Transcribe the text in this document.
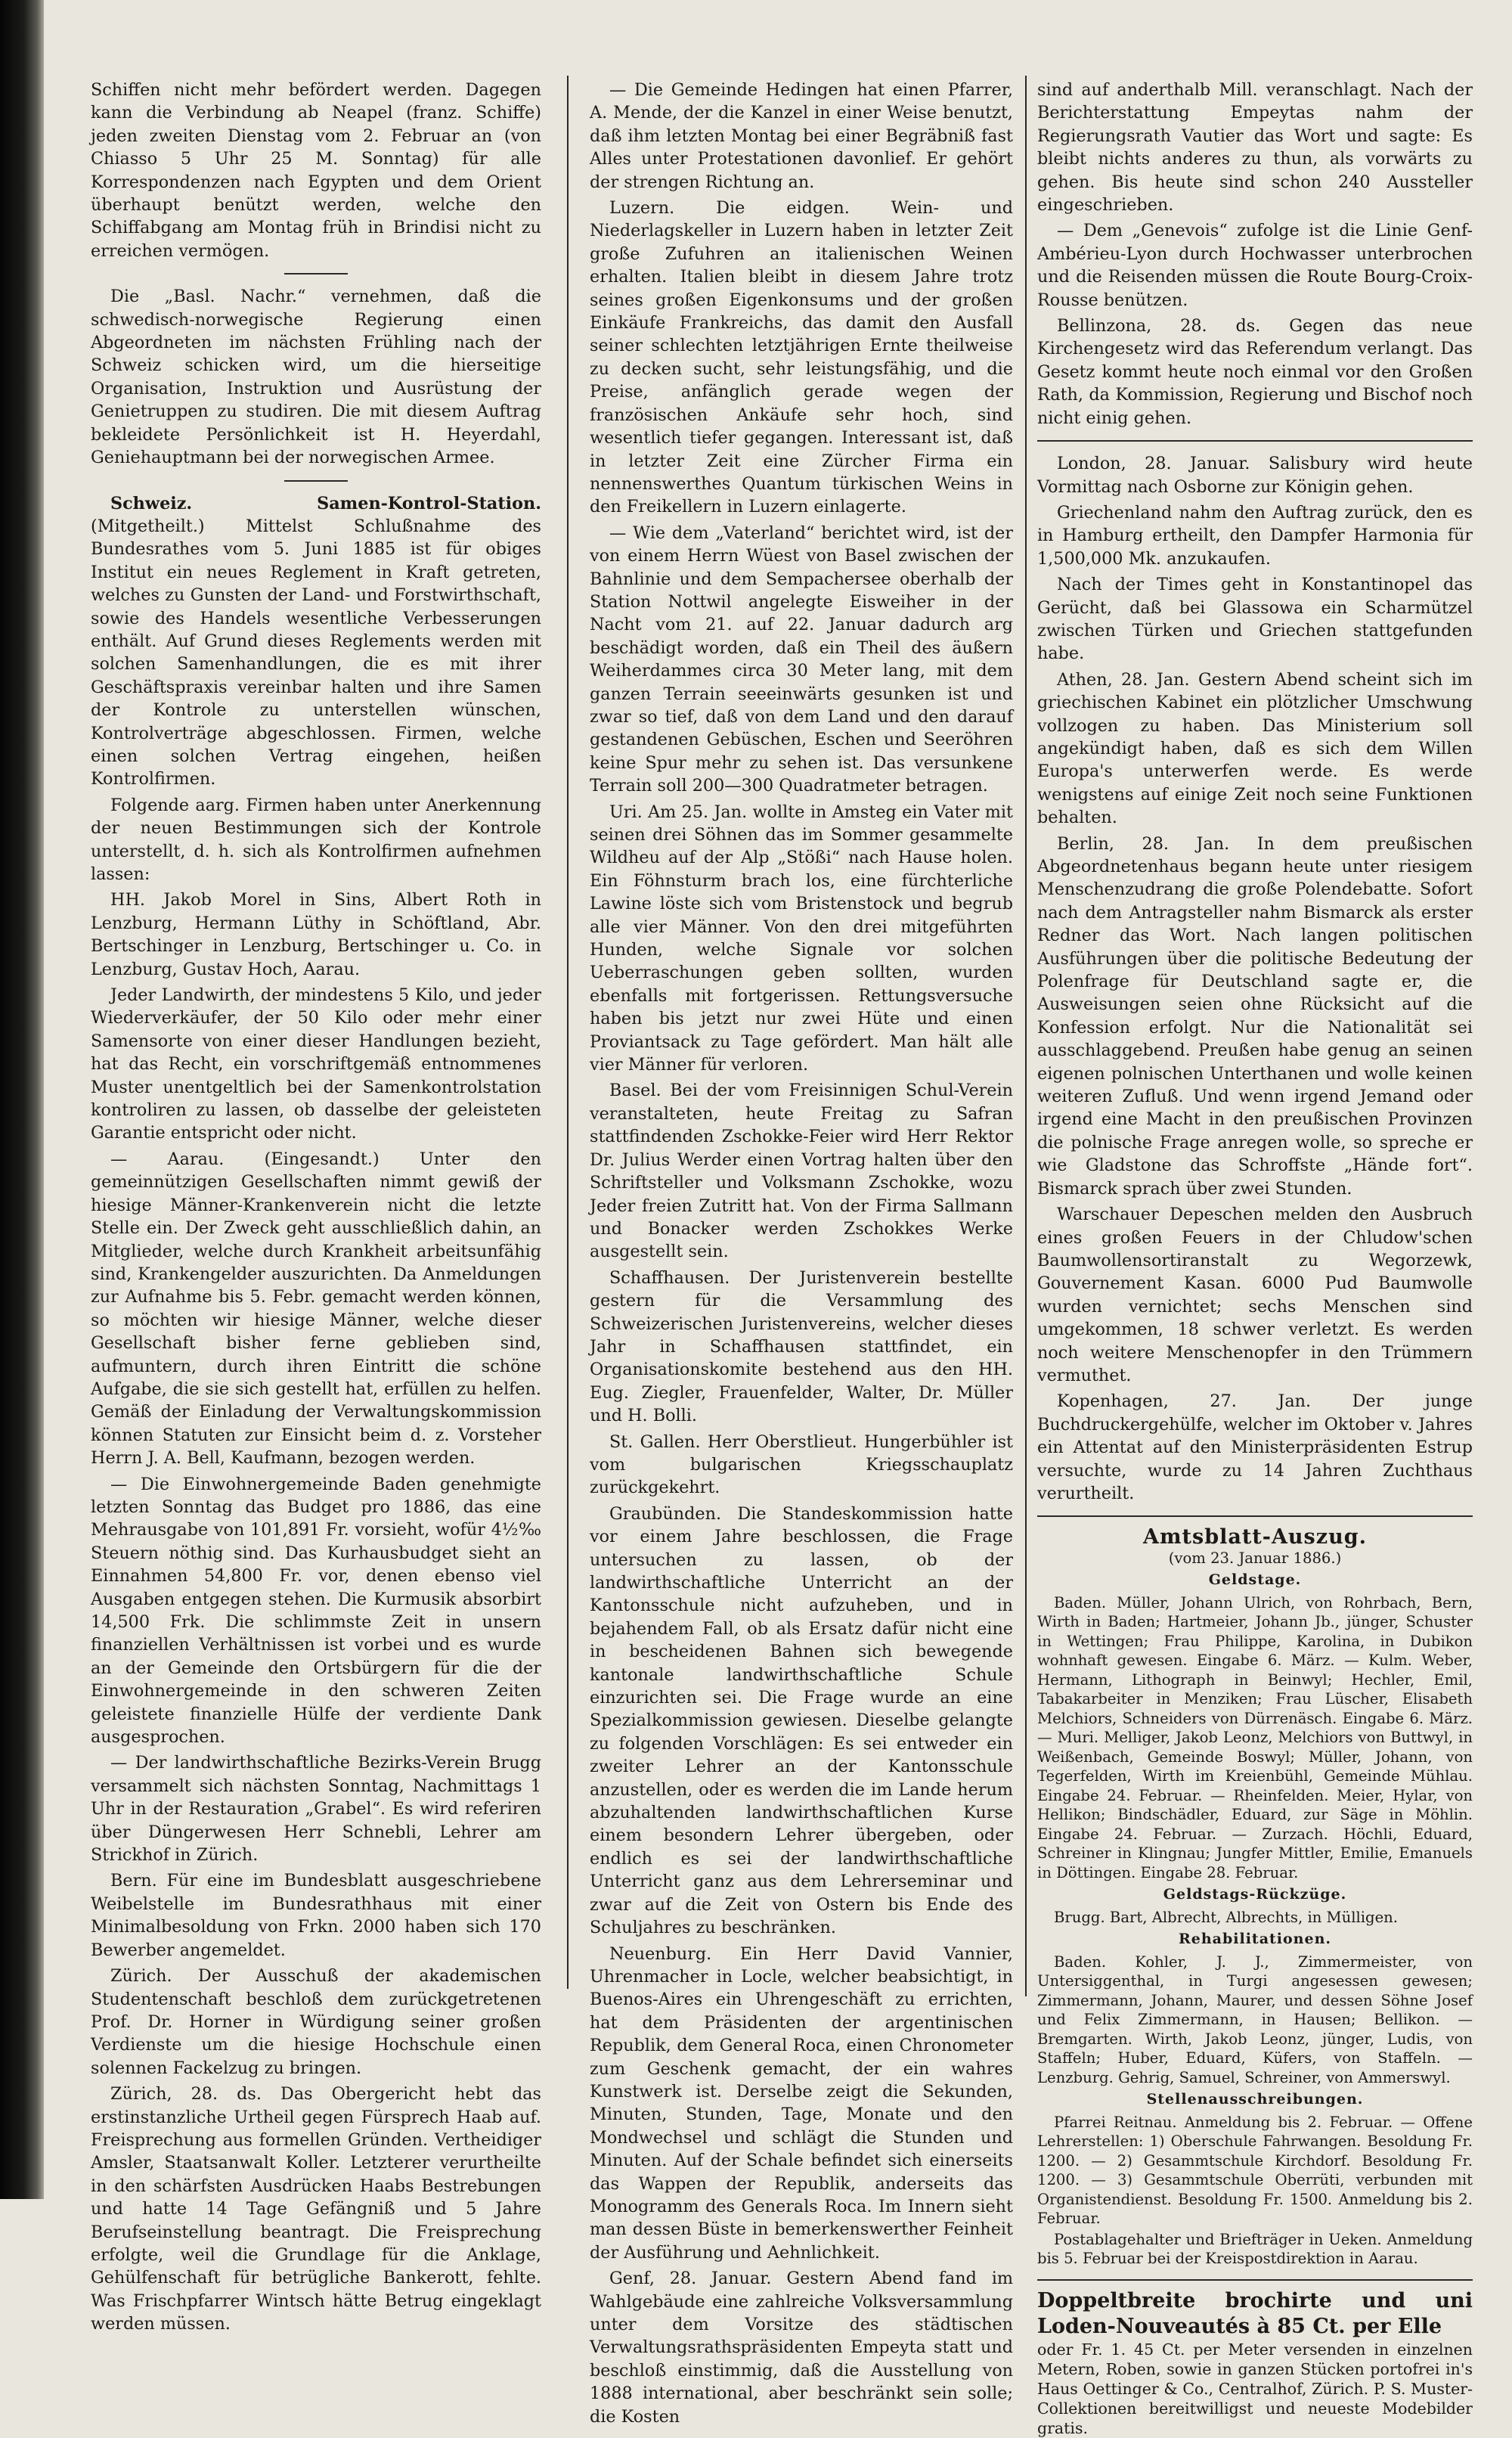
Schiffen nicht mehr befördert werden. Dagegen kann die Verbindung ab Neapel (franz. Schiffe) jeden zweiten Dienstag vom 2. Februar an (von Chiasso 5 Uhr 25 M. Sonntag) für alle Korrespondenzen nach Egypten und dem Orient überhaupt benützt werden, welche den Schiffabgang am Montag früh in Brindisi nicht zu erreichen vermögen.

Die „Basl. Nachr.“ vernehmen, daß die schwedisch-norwegische Regierung einen Abgeordneten im nächsten Frühling nach der Schweiz schicken wird, um die hierseitige Organisation, Instruktion und Ausrüstung der Genietruppen zu studiren. Die mit diesem Auftrag bekleidete Persönlichkeit ist H. Heyerdahl, Geniehauptmann bei der norwegischen Armee.

Schweiz. Samen-Kontrol-Station. (Mitgetheilt.) Mittelst Schlußnahme des Bundesrathes vom 5. Juni 1885 ist für obiges Institut ein neues Reglement in Kraft getreten, welches zu Gunsten der Land- und Forstwirthschaft, sowie des Handels wesentliche Verbesserungen enthält. Auf Grund dieses Reglements werden mit solchen Samenhandlungen, die es mit ihrer Geschäftspraxis vereinbar halten und ihre Samen der Kontrole zu unterstellen wünschen, Kontrolverträge abgeschlossen. Firmen, welche einen solchen Vertrag eingehen, heißen Kontrolfirmen.

Folgende aarg. Firmen haben unter Anerkennung der neuen Bestimmungen sich der Kontrole unterstellt, d. h. sich als Kontrolfirmen aufnehmen lassen:

HH. Jakob Morel in Sins, Albert Roth in Lenzburg, Hermann Lüthy in Schöftland, Abr. Bertschinger in Lenzburg, Bertschinger u. Co. in Lenzburg, Gustav Hoch, Aarau.

Jeder Landwirth, der mindestens 5 Kilo, und jeder Wiederverkäufer, der 50 Kilo oder mehr einer Samensorte von einer dieser Handlungen bezieht, hat das Recht, ein vorschriftgemäß entnommenes Muster unentgeltlich bei der Samenkontrolstation kontroliren zu lassen, ob dasselbe der geleisteten Garantie entspricht oder nicht.

— Aarau. (Eingesandt.) Unter den gemeinnützigen Gesellschaften nimmt gewiß der hiesige Männer-Krankenverein nicht die letzte Stelle ein. Der Zweck geht ausschließlich dahin, an Mitglieder, welche durch Krankheit arbeitsunfähig sind, Krankengelder auszurichten. Da Anmeldungen zur Aufnahme bis 5. Febr. gemacht werden können, so möchten wir hiesige Männer, welche dieser Gesellschaft bisher ferne geblieben sind, aufmuntern, durch ihren Eintritt die schöne Aufgabe, die sie sich gestellt hat, erfüllen zu helfen. Gemäß der Einladung der Verwaltungskommission können Statuten zur Einsicht beim d. z. Vorsteher Herrn J. A. Bell, Kaufmann, bezogen werden.

— Die Einwohnergemeinde Baden genehmigte letzten Sonntag das Budget pro 1886, das eine Mehrausgabe von 101,891 Fr. vorsieht, wofür 4½‰ Steuern nöthig sind. Das Kurhausbudget sieht an Einnahmen 54,800 Fr. vor, denen ebenso viel Ausgaben entgegen stehen. Die Kurmusik absorbirt 14,500 Frk. Die schlimmste Zeit in unsern finanziellen Verhältnissen ist vorbei und es wurde an der Gemeinde den Ortsbürgern für die der Einwohnergemeinde in den schweren Zeiten geleistete finanzielle Hülfe der verdiente Dank ausgesprochen.

— Der landwirthschaftliche Bezirks-Verein Brugg versammelt sich nächsten Sonntag, Nachmittags 1 Uhr in der Restauration „Grabel“. Es wird referiren über Düngerwesen Herr Schnebli, Lehrer am Strickhof in Zürich.

Bern. Für eine im Bundesblatt ausgeschriebene Weibelstelle im Bundesrathhaus mit einer Minimalbesoldung von Frkn. 2000 haben sich 170 Bewerber angemeldet.

Zürich. Der Ausschuß der akademischen Studentenschaft beschloß dem zurückgetretenen Prof. Dr. Horner in Würdigung seiner großen Verdienste um die hiesige Hochschule einen solennen Fackelzug zu bringen.

Zürich, 28. ds. Das Obergericht hebt das erstinstanzliche Urtheil gegen Fürsprech Haab auf. Freisprechung aus formellen Gründen. Vertheidiger Amsler, Staatsanwalt Koller. Letzterer verurtheilte in den schärfsten Ausdrücken Haabs Bestrebungen und hatte 14 Tage Gefängniß und 5 Jahre Berufseinstellung beantragt. Die Freisprechung erfolgte, weil die Grundlage für die Anklage, Gehülfenschaft für betrügliche Bankerott, fehlte. Was Frischpfarrer Wintsch hätte Betrug eingeklagt werden müssen.

— Die Gemeinde Hedingen hat einen Pfarrer, A. Mende, der die Kanzel in einer Weise benutzt, daß ihm letzten Montag bei einer Begräbniß fast Alles unter Protestationen davonlief. Er gehört der strengen Richtung an.

Luzern. Die eidgen. Wein- und Niederlagskeller in Luzern haben in letzter Zeit große Zufuhren an italienischen Weinen erhalten. Italien bleibt in diesem Jahre trotz seines großen Eigenkonsums und der großen Einkäufe Frankreichs, das damit den Ausfall seiner schlechten letztjährigen Ernte theilweise zu decken sucht, sehr leistungsfähig, und die Preise, anfänglich gerade wegen der französischen Ankäufe sehr hoch, sind wesentlich tiefer gegangen. Interessant ist, daß in letzter Zeit eine Zürcher Firma ein nennenswerthes Quantum türkischen Weins in den Freikellern in Luzern einlagerte.

— Wie dem „Vaterland“ berichtet wird, ist der von einem Herrn Wüest von Basel zwischen der Bahnlinie und dem Sempachersee oberhalb der Station Nottwil angelegte Eisweiher in der Nacht vom 21. auf 22. Januar dadurch arg beschädigt worden, daß ein Theil des äußern Weiherdammes circa 30 Meter lang, mit dem ganzen Terrain seeeinwärts gesunken ist und zwar so tief, daß von dem Land und den darauf gestandenen Gebüschen, Eschen und Seeröhren keine Spur mehr zu sehen ist. Das versunkene Terrain soll 200—300 Quadratmeter betragen.

Uri. Am 25. Jan. wollte in Amsteg ein Vater mit seinen drei Söhnen das im Sommer gesammelte Wildheu auf der Alp „Stößi“ nach Hause holen. Ein Föhnsturm brach los, eine fürchterliche Lawine löste sich vom Bristenstock und begrub alle vier Männer. Von den drei mitgeführten Hunden, welche Signale vor solchen Ueberraschungen geben sollten, wurden ebenfalls mit fortgerissen. Rettungsversuche haben bis jetzt nur zwei Hüte und einen Proviantsack zu Tage gefördert. Man hält alle vier Männer für verloren.

Basel. Bei der vom Freisinnigen Schul-Verein veranstalteten, heute Freitag zu Safran stattfindenden Zschokke-Feier wird Herr Rektor Dr. Julius Werder einen Vortrag halten über den Schriftsteller und Volksmann Zschokke, wozu Jeder freien Zutritt hat. Von der Firma Sallmann und Bonacker werden Zschokkes Werke ausgestellt sein.

Schaffhausen. Der Juristenverein bestellte gestern für die Versammlung des Schweizerischen Juristenvereins, welcher dieses Jahr in Schaffhausen stattfindet, ein Organisationskomite bestehend aus den HH. Eug. Ziegler, Frauenfelder, Walter, Dr. Müller und H. Bolli.

St. Gallen. Herr Oberstlieut. Hungerbühler ist vom bulgarischen Kriegsschauplatz zurückgekehrt.

Graubünden. Die Standeskommission hatte vor einem Jahre beschlossen, die Frage untersuchen zu lassen, ob der landwirthschaftliche Unterricht an der Kantonsschule nicht aufzuheben, und in bejahendem Fall, ob als Ersatz dafür nicht eine in bescheidenen Bahnen sich bewegende kantonale landwirthschaftliche Schule einzurichten sei. Die Frage wurde an eine Spezialkommission gewiesen. Dieselbe gelangte zu folgenden Vorschlägen: Es sei entweder ein zweiter Lehrer an der Kantonsschule anzustellen, oder es werden die im Lande herum abzuhaltenden landwirthschaftlichen Kurse einem besondern Lehrer übergeben, oder endlich es sei der landwirthschaftliche Unterricht ganz aus dem Lehrerseminar und zwar auf die Zeit von Ostern bis Ende des Schuljahres zu beschränken.

Neuenburg. Ein Herr David Vannier, Uhrenmacher in Locle, welcher beabsichtigt, in Buenos-Aires ein Uhrengeschäft zu errichten, hat dem Präsidenten der argentinischen Republik, dem General Roca, einen Chronometer zum Geschenk gemacht, der ein wahres Kunstwerk ist. Derselbe zeigt die Sekunden, Minuten, Stunden, Tage, Monate und den Mondwechsel und schlägt die Stunden und Minuten. Auf der Schale befindet sich einerseits das Wappen der Republik, anderseits das Monogramm des Generals Roca. Im Innern sieht man dessen Büste in bemerkenswerther Feinheit der Ausführung und Aehnlichkeit.

Genf, 28. Januar. Gestern Abend fand im Wahlgebäude eine zahlreiche Volksversammlung unter dem Vorsitze des städtischen Verwaltungsrathspräsidenten Empeyta statt und beschloß einstimmig, daß die Ausstellung von 1888 international, aber beschränkt sein solle; die Kosten

sind auf anderthalb Mill. veranschlagt. Nach der Berichterstattung Empeytas nahm der Regierungsrath Vautier das Wort und sagte: Es bleibt nichts anderes zu thun, als vorwärts zu gehen. Bis heute sind schon 240 Aussteller eingeschrieben.

— Dem „Genevois“ zufolge ist die Linie Genf-Ambérieu-Lyon durch Hochwasser unterbrochen und die Reisenden müssen die Route Bourg-Croix-Rousse benützen.

Bellinzona, 28. ds. Gegen das neue Kirchengesetz wird das Referendum verlangt. Das Gesetz kommt heute noch einmal vor den Großen Rath, da Kommission, Regierung und Bischof noch nicht einig gehen.

London, 28. Januar. Salisbury wird heute Vormittag nach Osborne zur Königin gehen.

Griechenland nahm den Auftrag zurück, den es in Hamburg ertheilt, den Dampfer Harmonia für 1,500,000 Mk. anzukaufen.

Nach der Times geht in Konstantinopel das Gerücht, daß bei Glassowa ein Scharmützel zwischen Türken und Griechen stattgefunden habe.

Athen, 28. Jan. Gestern Abend scheint sich im griechischen Kabinet ein plötzlicher Umschwung vollzogen zu haben. Das Ministerium soll angekündigt haben, daß es sich dem Willen Europa's unterwerfen werde. Es werde wenigstens auf einige Zeit noch seine Funktionen behalten.

Berlin, 28. Jan. In dem preußischen Abgeordnetenhaus begann heute unter riesigem Menschenzudrang die große Polendebatte. Sofort nach dem Antragsteller nahm Bismarck als erster Redner das Wort. Nach langen politischen Ausführungen über die politische Bedeutung der Polenfrage für Deutschland sagte er, die Ausweisungen seien ohne Rücksicht auf die Konfession erfolgt. Nur die Nationalität sei ausschlaggebend. Preußen habe genug an seinen eigenen polnischen Unterthanen und wolle keinen weiteren Zufluß. Und wenn irgend Jemand oder irgend eine Macht in den preußischen Provinzen die polnische Frage anregen wolle, so spreche er wie Gladstone das Schroffste „Hände fort“. Bismarck sprach über zwei Stunden.

Warschauer Depeschen melden den Ausbruch eines großen Feuers in der Chludow'schen Baumwollensortiranstalt zu Wegorzewk, Gouvernement Kasan. 6000 Pud Baumwolle wurden vernichtet; sechs Menschen sind umgekommen, 18 schwer verletzt. Es werden noch weitere Menschenopfer in den Trümmern vermuthet.

Kopenhagen, 27. Jan. Der junge Buchdruckergehülfe, welcher im Oktober v. Jahres ein Attentat auf den Ministerpräsidenten Estrup versuchte, wurde zu 14 Jahren Zuchthaus verurtheilt.

Amtsblatt-Auszug.
(vom 23. Januar 1886.)
Geldstage.

Baden. Müller, Johann Ulrich, von Rohrbach, Bern, Wirth in Baden; Hartmeier, Johann Jb., jünger, Schuster in Wettingen; Frau Philippe, Karolina, in Dubikon wohnhaft gewesen. Eingabe 6. März. — Kulm. Weber, Hermann, Lithograph in Beinwyl; Hechler, Emil, Tabakarbeiter in Menziken; Frau Lüscher, Elisabeth Melchiors, Schneiders von Dürrenäsch. Eingabe 6. März. — Muri. Melliger, Jakob Leonz, Melchiors von Buttwyl, in Weißenbach, Gemeinde Boswyl; Müller, Johann, von Tegerfelden, Wirth im Kreienbühl, Gemeinde Mühlau. Eingabe 24. Februar. — Rheinfelden. Meier, Hylar, von Hellikon; Bindschädler, Eduard, zur Säge in Möhlin. Eingabe 24. Februar. — Zurzach. Höchli, Eduard, Schreiner in Klingnau; Jungfer Mittler, Emilie, Emanuels in Döttingen. Eingabe 28. Februar.

Geldstags-Rückzüge.

Brugg. Bart, Albrecht, Albrechts, in Mülligen.

Rehabilitationen.

Baden. Kohler, J. J., Zimmermeister, von Untersiggenthal, in Turgi angesessen gewesen; Zimmermann, Johann, Maurer, und dessen Söhne Josef und Felix Zimmermann, in Hausen; Bellikon. — Bremgarten. Wirth, Jakob Leonz, jünger, Ludis, von Staffeln; Huber, Eduard, Küfers, von Staffeln. — Lenzburg. Gehrig, Samuel, Schreiner, von Ammerswyl.

Stellenausschreibungen.

Pfarrei Reitnau. Anmeldung bis 2. Februar. — Offene Lehrerstellen: 1) Oberschule Fahrwangen. Besoldung Fr. 1200. — 2) Gesammtschule Kirchdorf. Besoldung Fr. 1200. — 3) Gesammtschule Oberrüti, verbunden mit Organistendienst. Besoldung Fr. 1500. Anmeldung bis 2. Februar.

Postablagehalter und Briefträger in Ueken. Anmeldung bis 5. Februar bei der Kreispostdirektion in Aarau.

Doppeltbreite brochirte und uni Loden-Nouveautés à 85 Ct. per Elle
oder Fr. 1. 45 Ct. per Meter versenden in einzelnen Metern, Roben, sowie in ganzen Stücken portofrei in's Haus Oettinger & Co., Centralhof, Zürich. P. S. Muster-Collektionen bereitwilligst und neueste Modebilder gratis.
